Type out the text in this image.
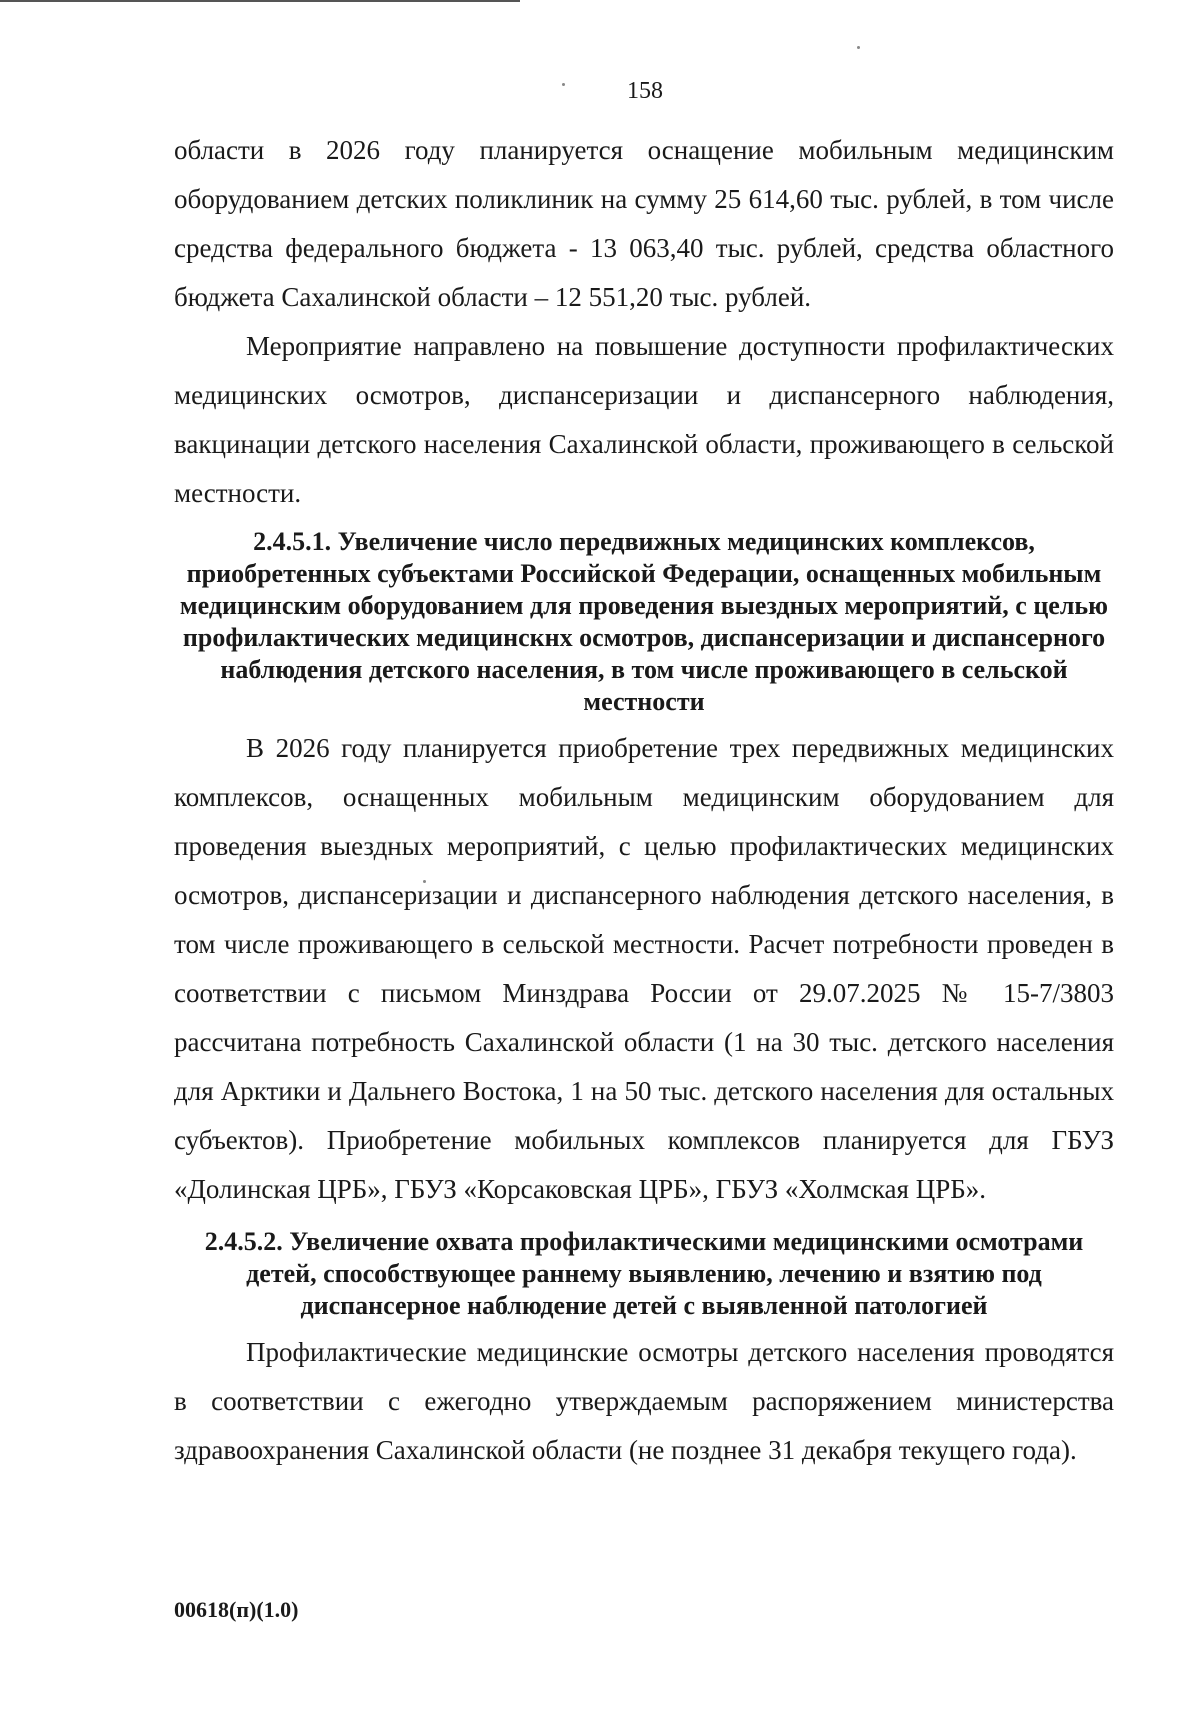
158

области в 2026 году планируется оснащение мобильным медицинским оборудованием детских поликлиник на сумму 25 614,60 тыс. рублей, в том числе средства федерального бюджета - 13 063,40 тыс. рублей, средства областного бюджета Сахалинской области – 12 551,20 тыс. рублей.

Мероприятие направлено на повышение доступности профилактических медицинских осмотров, диспансеризации и диспансерного наблюдения, вакцинации детского населения Сахалинской области, проживающего в сельской местности.

2.4.5.1. Увеличение число передвижных медицинских комплексов, приобретенных субъектами Российской Федерации, оснащенных мобильным медицинским оборудованием для проведения выездных мероприятий, с целью профилактических медицинскнх осмотров, диспансеризации и диспансерного наблюдения детского населения, в том числе проживающего в сельской местности

В 2026 году планируется приобретение трех передвижных медицинских комплексов, оснащенных мобильным медицинским оборудованием для проведения выездных мероприятий, с целью профилактических медицинских осмотров, диспансеризации и диспансерного наблюдения детского населения, в том числе проживающего в сельской местности. Расчет потребности проведен в соответствии с письмом Минздрава России от 29.07.2025 № 15-7/3803 рассчитана потребность Сахалинской области (1 на 30 тыс. детского населения для Арктики и Дальнего Востока, 1 на 50 тыс. детского населения для остальных субъектов). Приобретение мобильных комплексов планируется для ГБУЗ «Долинская ЦРБ», ГБУЗ «Корсаковская ЦРБ», ГБУЗ «Холмская ЦРБ».

2.4.5.2. Увеличение охвата профилактическими медицинскими осмотрами детей, способствующее раннему выявлению, лечению и взятию под диспансерное наблюдение детей с выявленной патологией

Профилактические медицинские осмотры детского населения проводятся в соответствии с ежегодно утверждаемым распоряжением министерства здравоохранения Сахалинской области (не позднее 31 декабря текущего года).

00618(п)(1.0)
